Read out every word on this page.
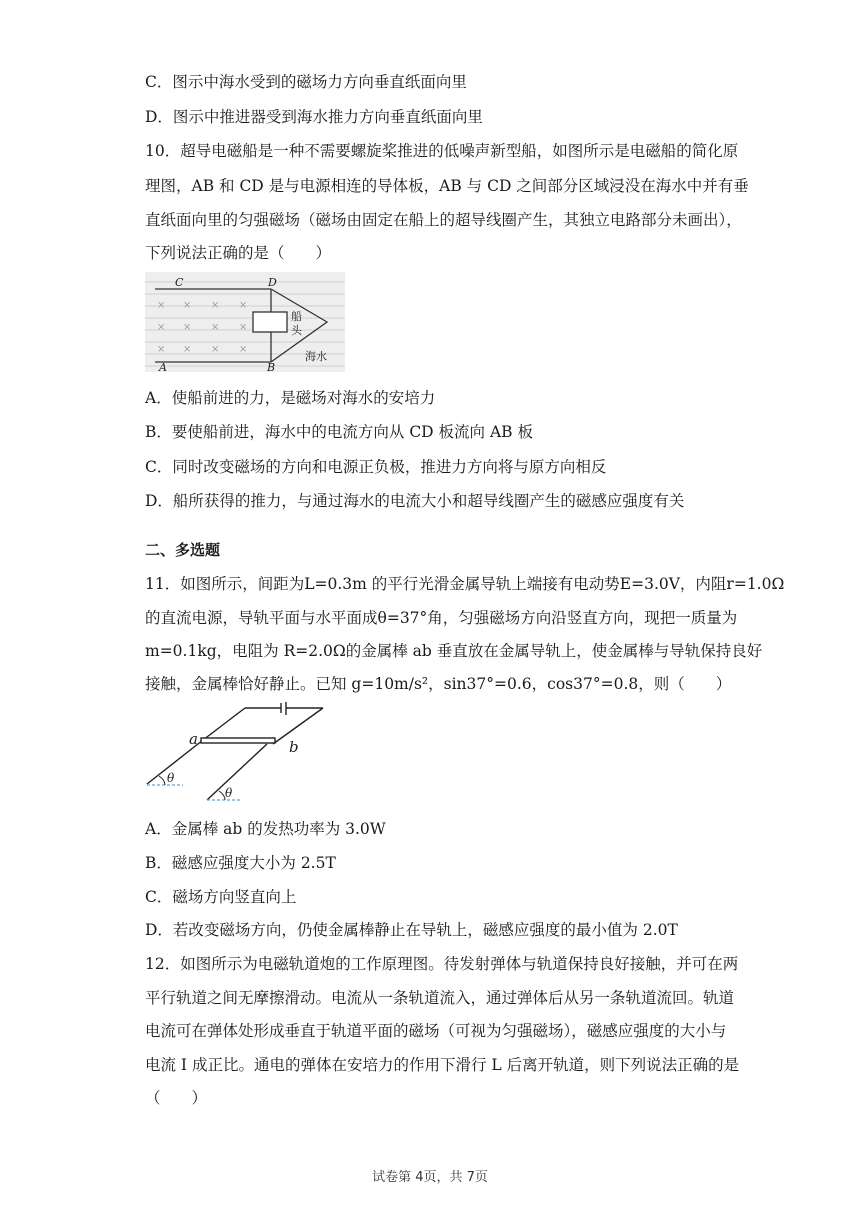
C．图示中海水受到的磁场力方向垂直纸面向里
D．图示中推进器受到海水推力方向垂直纸面向里
10．超导电磁船是一种不需要螺旋桨推进的低噪声新型船，如图所示是电磁船的简化原
理图，AB 和 CD 是与电源相连的导体板，AB 与 CD 之间部分区域浸没在海水中并有垂
直纸面向里的匀强磁场（磁场由固定在船上的超导线圈产生，其独立电路部分未画出），
下列说法正确的是（　　）
× × × ×
× × × ×
× × × ×
C	D
A	B
船
头
海水
A．使船前进的力，是磁场对海水的安培力
B．要使船前进，海水中的电流方向从 CD 板流向 AB 板
C．同时改变磁场的方向和电源正负极，推进力方向将与原方向相反
D．船所获得的推力，与通过海水的电流大小和超导线圈产生的磁感应强度有关
二、多选题
11．如图所示，间距为L=0.3m 的平行光滑金属导轨上端接有电动势E=3.0V，内阻r=1.0Ω
的直流电源，导轨平面与水平面成θ=37°角，匀强磁场方向沿竖直方向，现把一质量为
m=0.1kg，电阻为 R=2.0Ω的金属棒 ab 垂直放在金属导轨上，使金属棒与导轨保持良好
接触，金属棒恰好静止。已知 g=10m/s²，sin37°=0.6，cos37°=0.8，则（　　）
a	b
θ
θ
A．金属棒 ab 的发热功率为 3.0W
B．磁感应强度大小为 2.5T
C．磁场方向竖直向上
D．若改变磁场方向，仍使金属棒静止在导轨上，磁感应强度的最小值为 2.0T
12．如图所示为电磁轨道炮的工作原理图。待发射弹体与轨道保持良好接触，并可在两
平行轨道之间无摩擦滑动。电流从一条轨道流入，通过弹体后从另一条轨道流回。轨道
电流可在弹体处形成垂直于轨道平面的磁场（可视为匀强磁场），磁感应强度的大小与
电流 I 成正比。通电的弹体在安培力的作用下滑行 L 后离开轨道，则下列说法正确的是
（　　）
试卷第 4页，共 7页
